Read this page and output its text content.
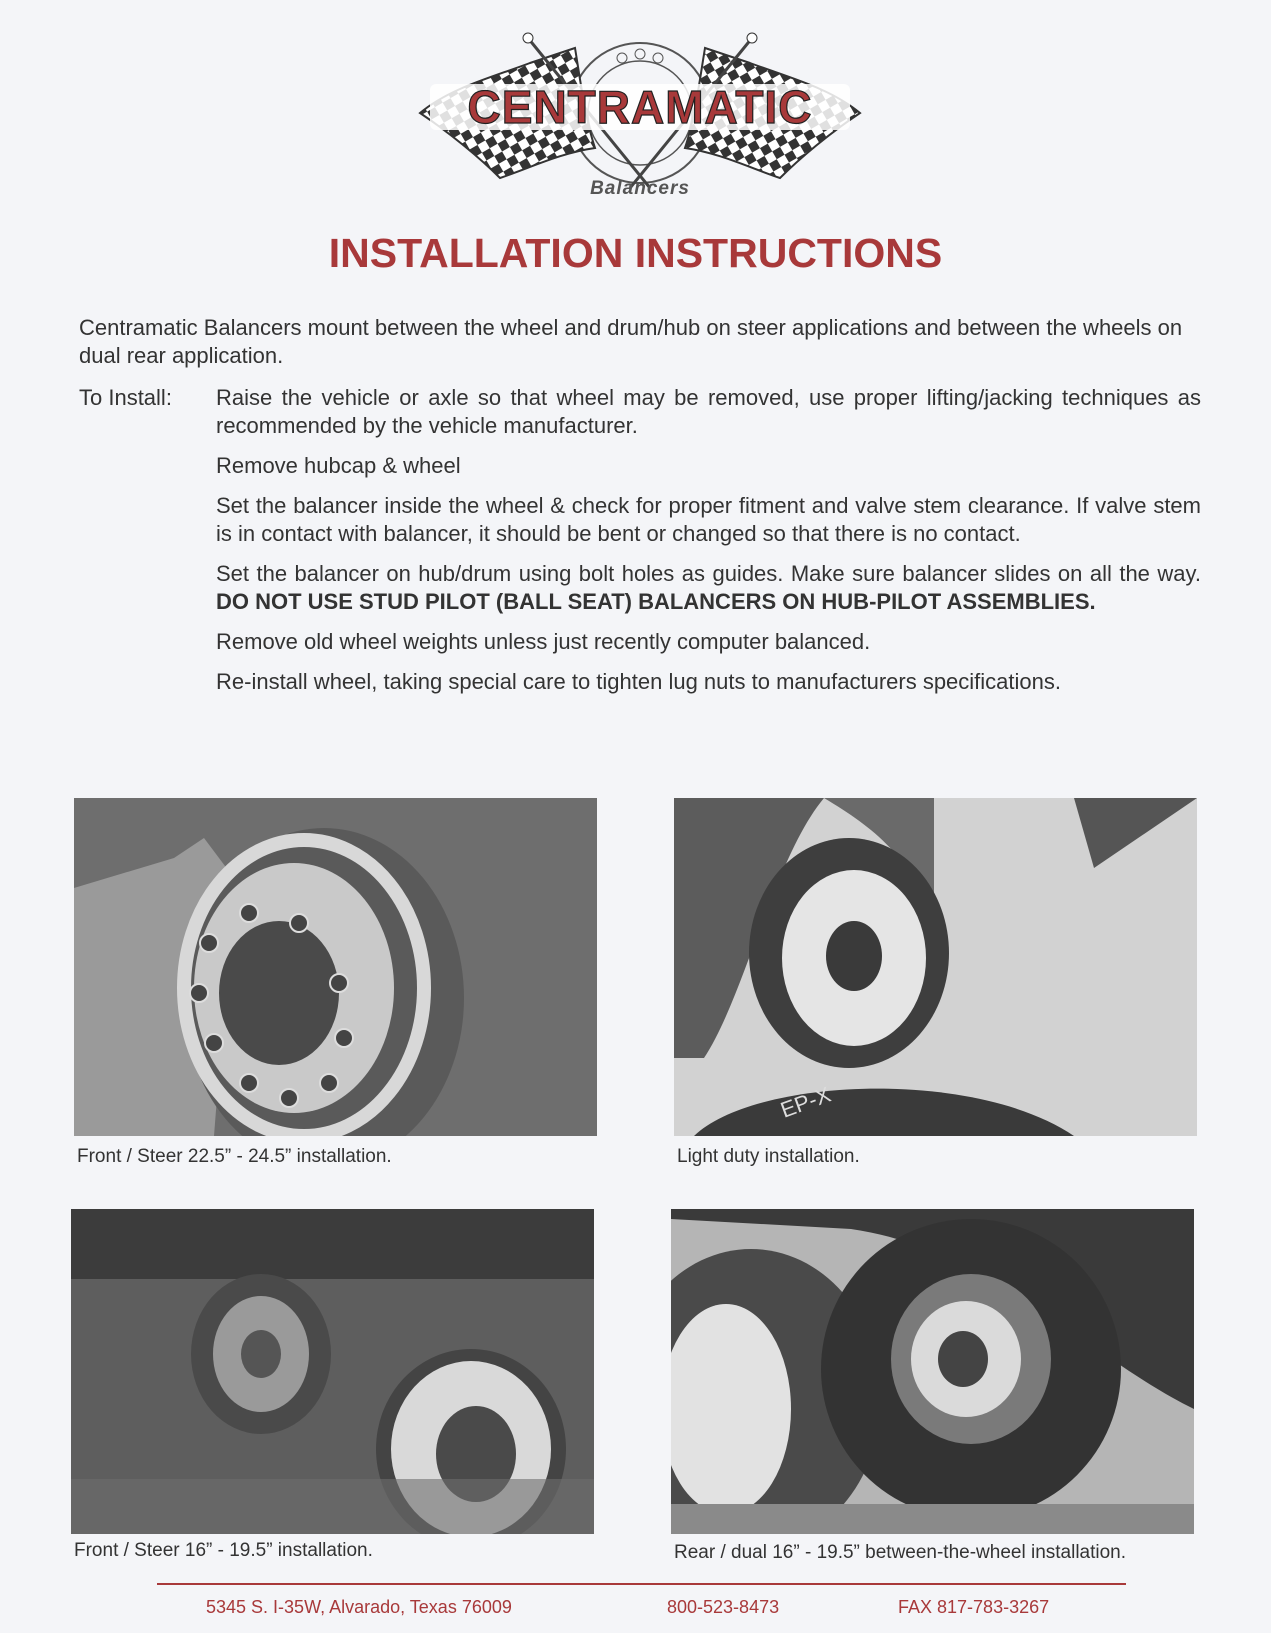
CENTRAMATIC
Balancers
INSTALLATION INSTRUCTIONS

Centramatic Balancers mount between the wheel and drum/hub on steer applications and between the wheels on dual rear application.

To Install: Raise the vehicle or axle so that wheel may be removed, use proper lifting/jacking techniques as recommended by the vehicle manufacturer.

Remove hubcap & wheel

Set the balancer inside the wheel & check for proper fitment and valve stem clearance. If valve stem is in contact with balancer, it should be bent or changed so that there is no contact.

Set the balancer on hub/drum using bolt holes as guides. Make sure balancer slides on all the way. DO NOT USE STUD PILOT (BALL SEAT) BALANCERS ON HUB-PILOT ASSEMBLIES.

Remove old wheel weights unless just recently computer balanced.

Re-install wheel, taking special care to tighten lug nuts to manufacturers specifications.

Front / Steer 22.5” - 24.5” installation.
EP-X
Light duty installation.
Front / Steer 16” - 19.5” installation.	Rear / dual 16” - 19.5” between-the-wheel installation.
5345 S. I-35W, Alvarado, Texas 76009	800-523-8473	FAX 817-783-3267
